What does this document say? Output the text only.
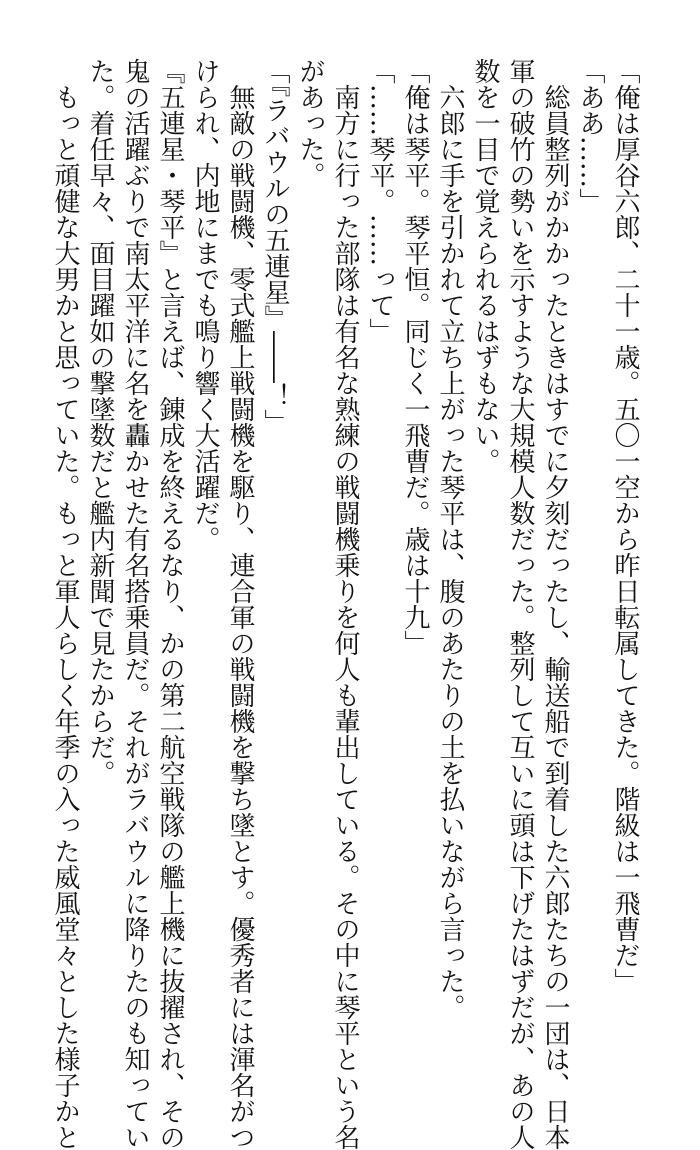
「俺は厚谷六郎、二十一歳。五〇一空から昨日転属してきた。階級は一飛曹だ」
「ああ……」
　総員整列がかかったときはすでに夕刻だったし、輸送船で到着した六郎たちの一団は、日本
軍の破竹の勢いを示すような大規模人数だった。整列して互いに頭は下げたはずだが、あの人
数を一目で覚えられるはずもない。
　六郎に手を引かれて立ち上がった琴平は、腹のあたりの土を払いながら言った。
「俺は琴平。琴平恒。同じく一飛曹だ。歳は十九」
「……琴平。……って」
　南方に行った部隊は有名な熟練の戦闘機乗りを何人も輩出している。その中に琴平という名
があった。
「『ラバウルの五連星』――！」
　無敵の戦闘機、零式艦上戦闘機を駆り、連合軍の戦闘機を撃ち墜とす。優秀者には渾名がつ
けられ、内地にまでも鳴り響く大活躍だ。
『五連星・琴平』と言えば、錬成を終えるなり、かの第二航空戦隊の艦上機に抜擢され、その
鬼の活躍ぶりで南太平洋に名を轟かせた有名搭乗員だ。それがラバウルに降りたのも知ってい
た。着任早々、面目躍如の撃墜数だと艦内新聞で見たからだ。
　もっと頑健な大男かと思っていた。もっと軍人らしく年季の入った威風堂々とした様子かと
